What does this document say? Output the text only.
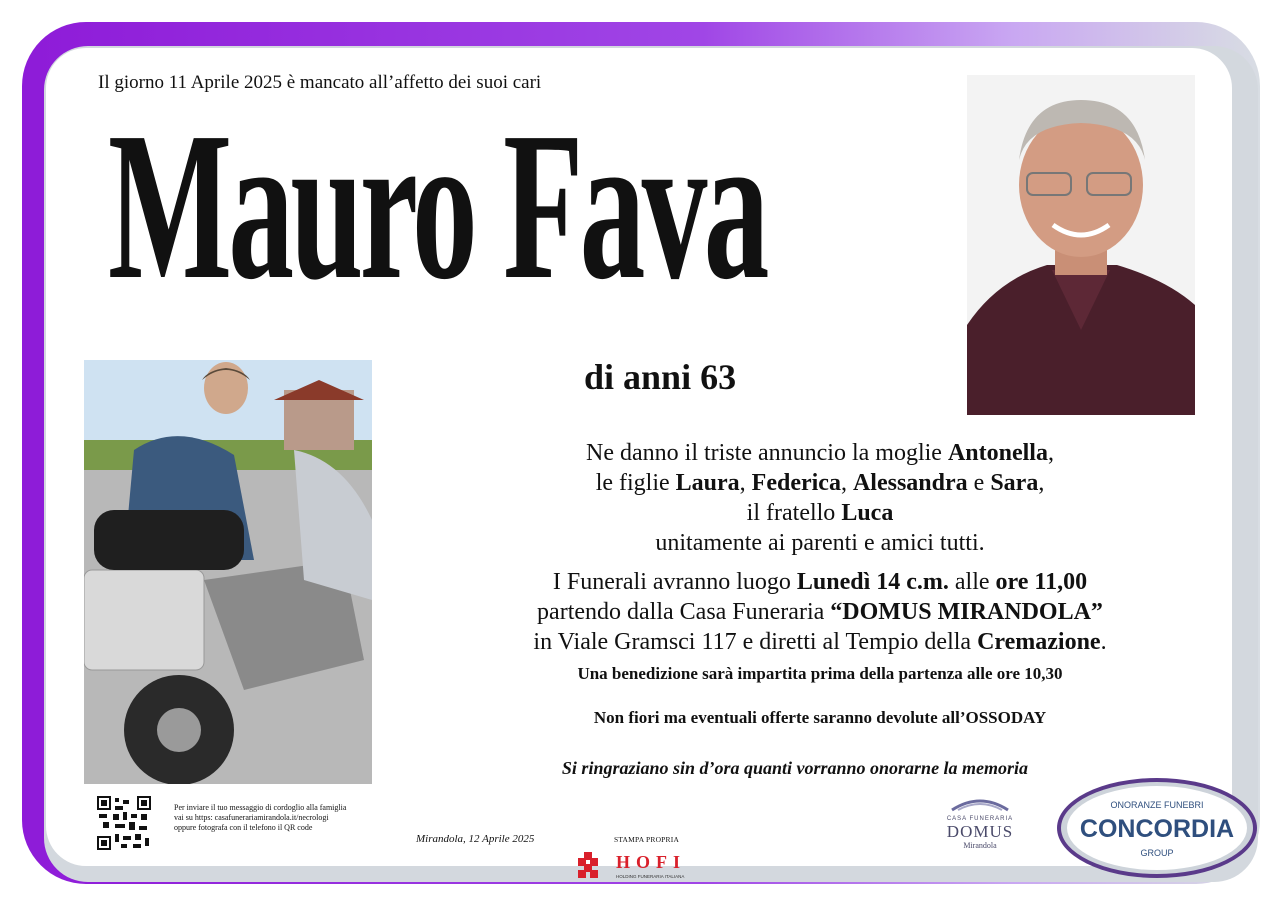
Il giorno 11 Aprile 2025 è mancato all’affetto dei suoi cari
Mauro Fava
di anni 63
Ne danno il triste annuncio la moglie Antonella,
le figlie Laura, Federica, Alessandra e Sara,
il fratello Luca
unitamente ai parenti e amici tutti.
I Funerali avranno luogo Lunedì 14 c.m. alle ore 11,00
partendo dalla Casa Funeraria “DOMUS MIRANDOLA”
in Viale Gramsci 117 e diretti al Tempio della Cremazione.
Una benedizione sarà impartita prima della partenza alle ore 10,30
Non fiori ma eventuali offerte saranno devolute all’OSSODAY
Si ringraziano sin d’ora quanti vorranno onorarne la memoria
Per inviare il tuo messaggio di cordoglio alla famiglia
vai su https: casafunerariamirandola.it/necrologi
oppure fotografa con il telefono il QR code
Mirandola, 12 Aprile 2025	STAMPA PROPRIA
HOFI
HOLDING FUNERARIA ITALIANA
CASA FUNERARIA
DOMUS
Mirandola
ONORANZE FUNEBRI
CONCORDIA
GROUP
